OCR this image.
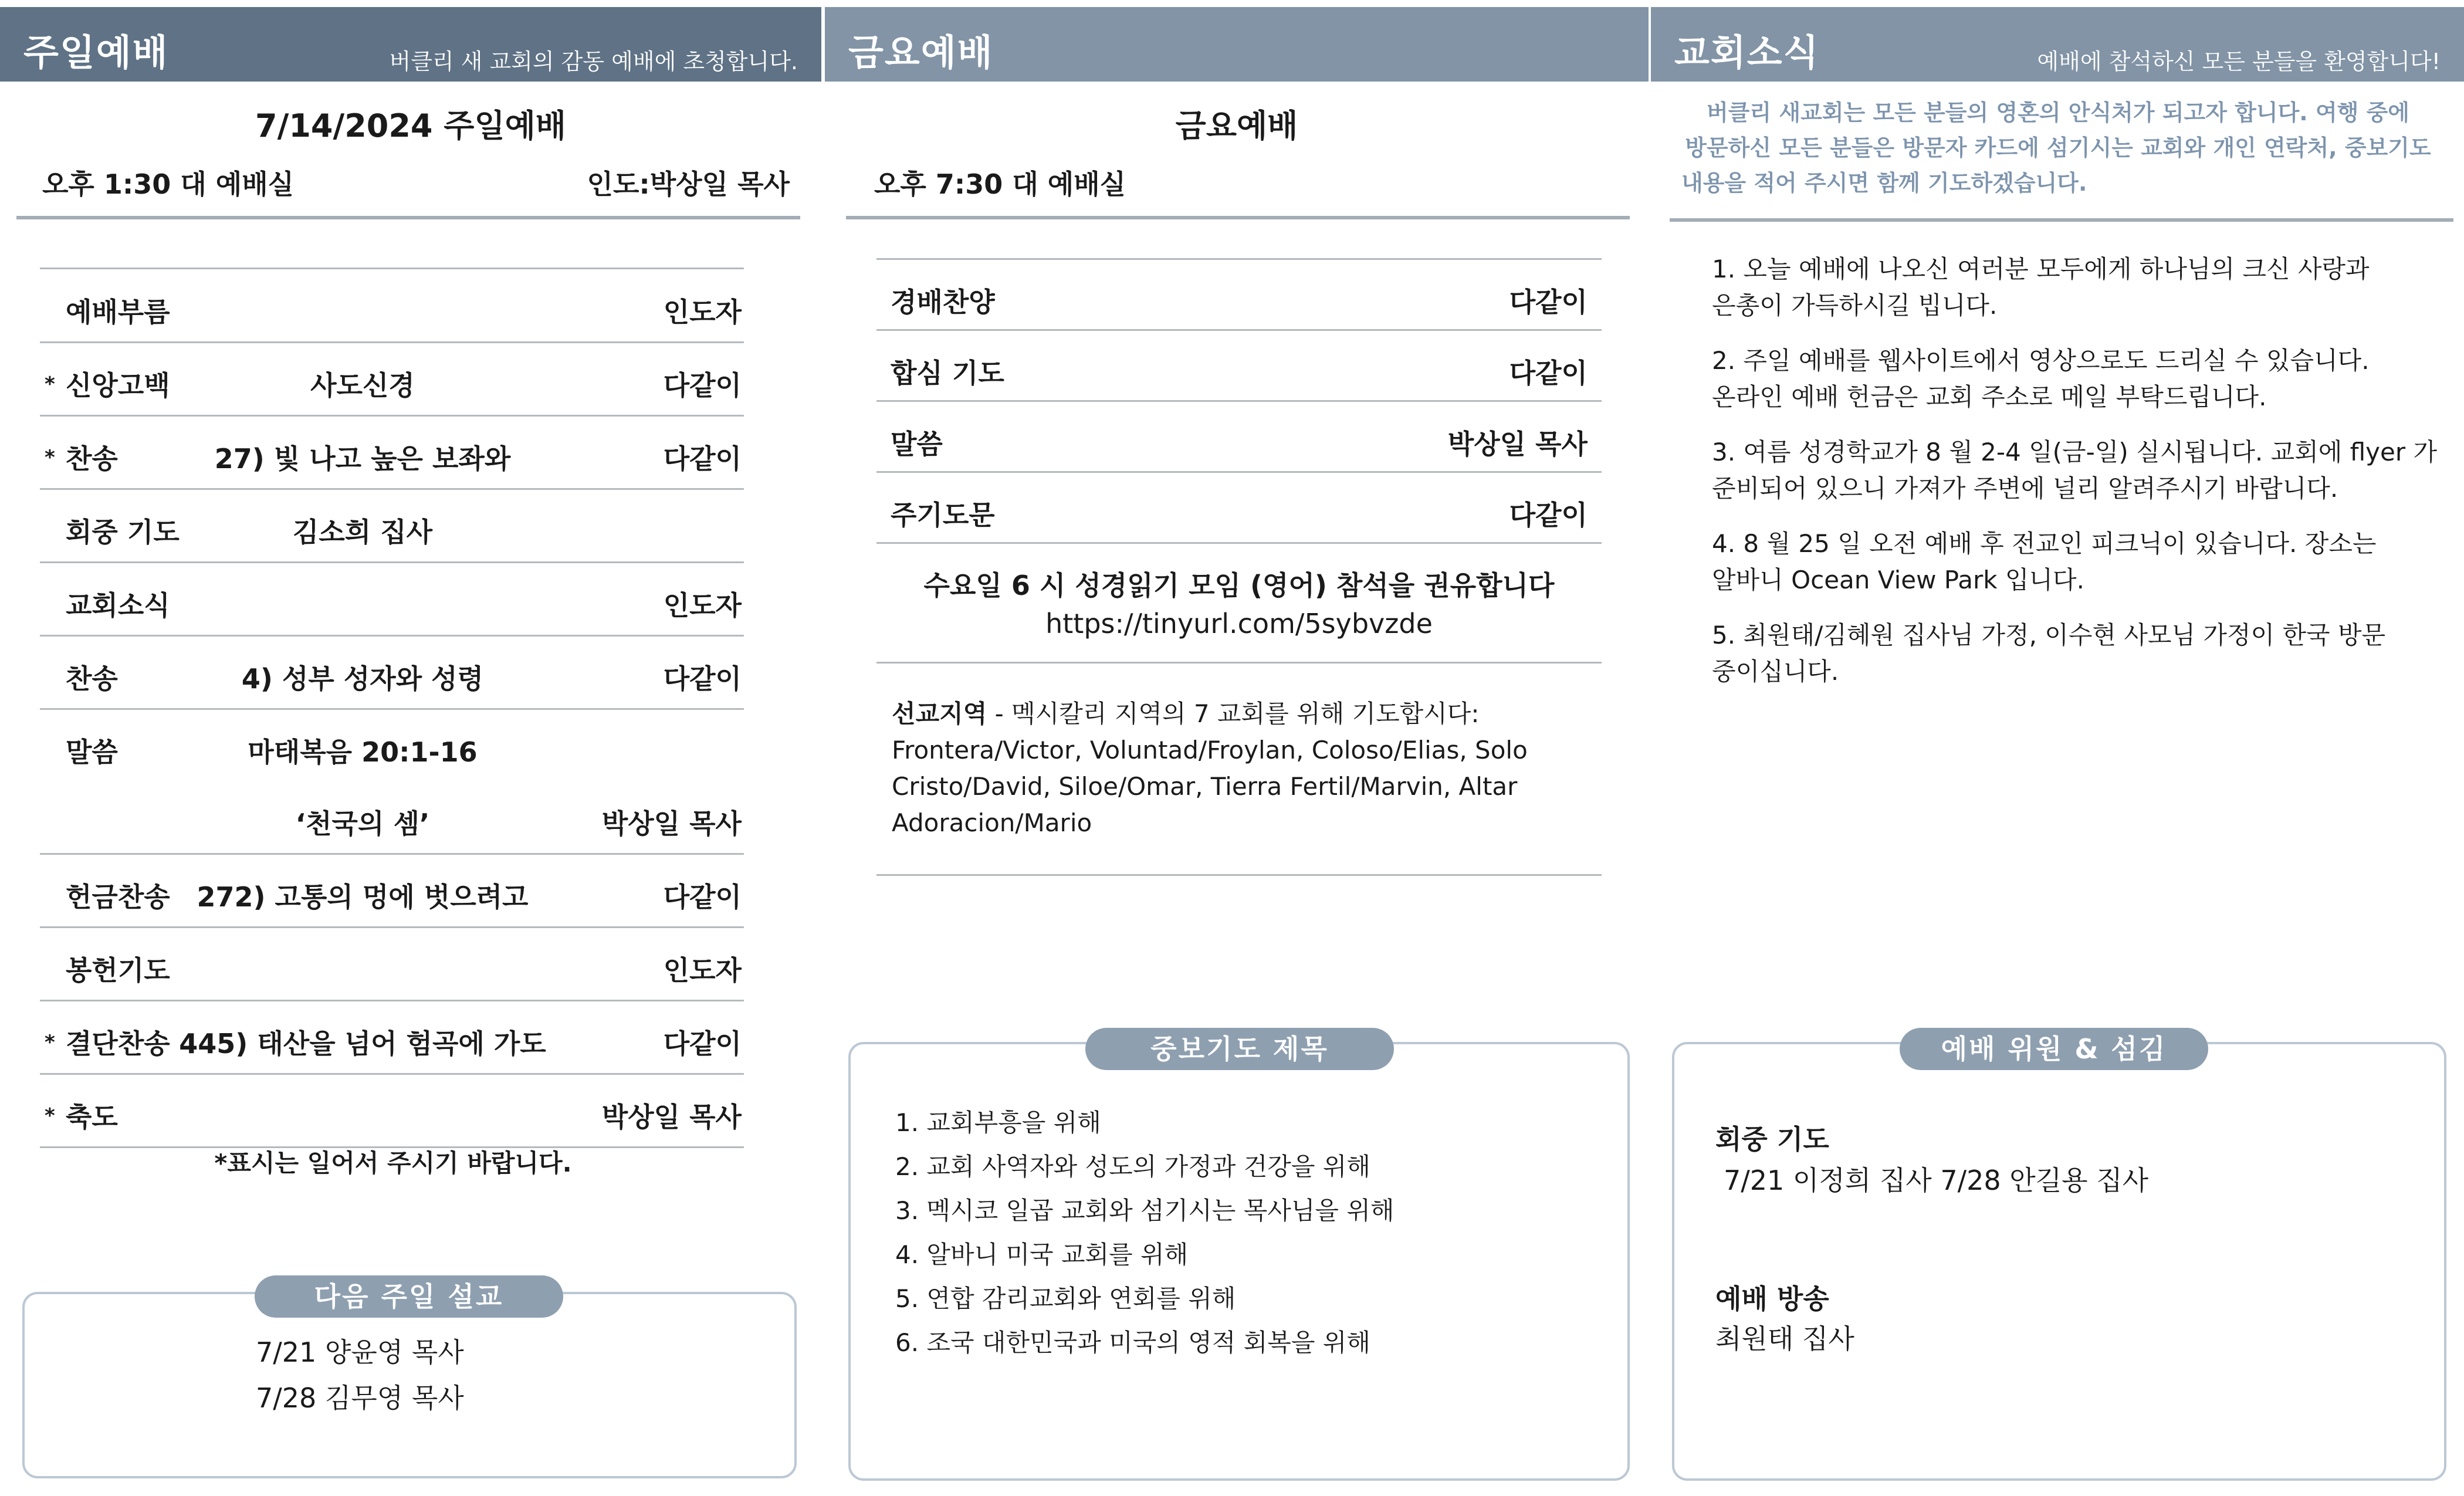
주일예배	버클리 새 교회의 감동 예배에 초청합니다.
7/14/2024 주일예배
오후 1:30 대 예배실	인도:박상일 목사
예배부름	인도자
* 신앙고백	사도신경	다같이
* 찬송	27) 빛 나고 높은 보좌와	다같이
회중 기도	김소희 집사
교회소식	인도자
찬송	4) 성부 성자와 성령	다같이
말씀	마태복음 20:1-16
‘천국의 셈’	박상일 목사
헌금찬송 272) 고통의 멍에 벗으려고	다같이
봉헌기도	인도자
* 결단찬송 445) 태산을 넘어 험곡에 가도	다같이
* 축도	박상일 목사
*표시는 일어서 주시기 바랍니다.
7/21 양윤영 목사
7/28 김무영 목사
다음 주일 설교
금요예배
금요예배
오후 7:30 대 예배실
경배찬양	다같이
합심 기도	다같이
말씀	박상일 목사
주기도문	다같이
수요일 6 시 성경읽기 모임 (영어) 참석을 권유합니다
https://tinyurl.com/5sybvzde
선교지역 - 멕시칼리 지역의 7 교회를 위해 기도합시다:
Frontera/Victor, Voluntad/Froylan, Coloso/Elias, Solo
Cristo/David, Siloe/Omar, Tierra Fertil/Marvin, Altar
Adoracion/Mario
1. 교회부흥을 위해
2. 교회 사역자와 성도의 가정과 건강을 위해
3. 멕시코 일곱 교회와 섬기시는 목사님을 위해
4. 알바니 미국 교회를 위해
5. 연합 감리교회와 연회를 위해
6. 조국 대한민국과 미국의 영적 회복을 위해
중보기도 제목
교회소식	예배에 참석하신 모든 분들을 환영합니다!
버클리 새교회는 모든 분들의 영혼의 안식처가 되고자 합니다. 여행 중에
방문하신 모든 분들은 방문자 카드에 섬기시는 교회와 개인 연락처, 중보기도
내용을 적어 주시면 함께 기도하겠습니다.
1. 오늘 예배에 나오신 여러분 모두에게 하나님의 크신 사랑과
은총이 가득하시길 빕니다.
2. 주일 예배를 웹사이트에서 영상으로도 드리실 수 있습니다.
온라인 예배 헌금은 교회 주소로 메일 부탁드립니다.
3. 여름 성경학교가 8 월 2-4 일(금-일) 실시됩니다. 교회에 flyer 가
준비되어 있으니 가져가 주변에 널리 알려주시기 바랍니다.
4. 8 월 25 일 오전 예배 후 전교인 피크닉이 있습니다. 장소는
알바니 Ocean View Park 입니다.
5. 최원태/김혜원 집사님 가정, 이수현 사모님 가정이 한국 방문
중이십니다.
회중 기도
7/21 이정희 집사 7/28 안길용 집사
예배 방송
최원태 집사
예배 위원 & 섬김
